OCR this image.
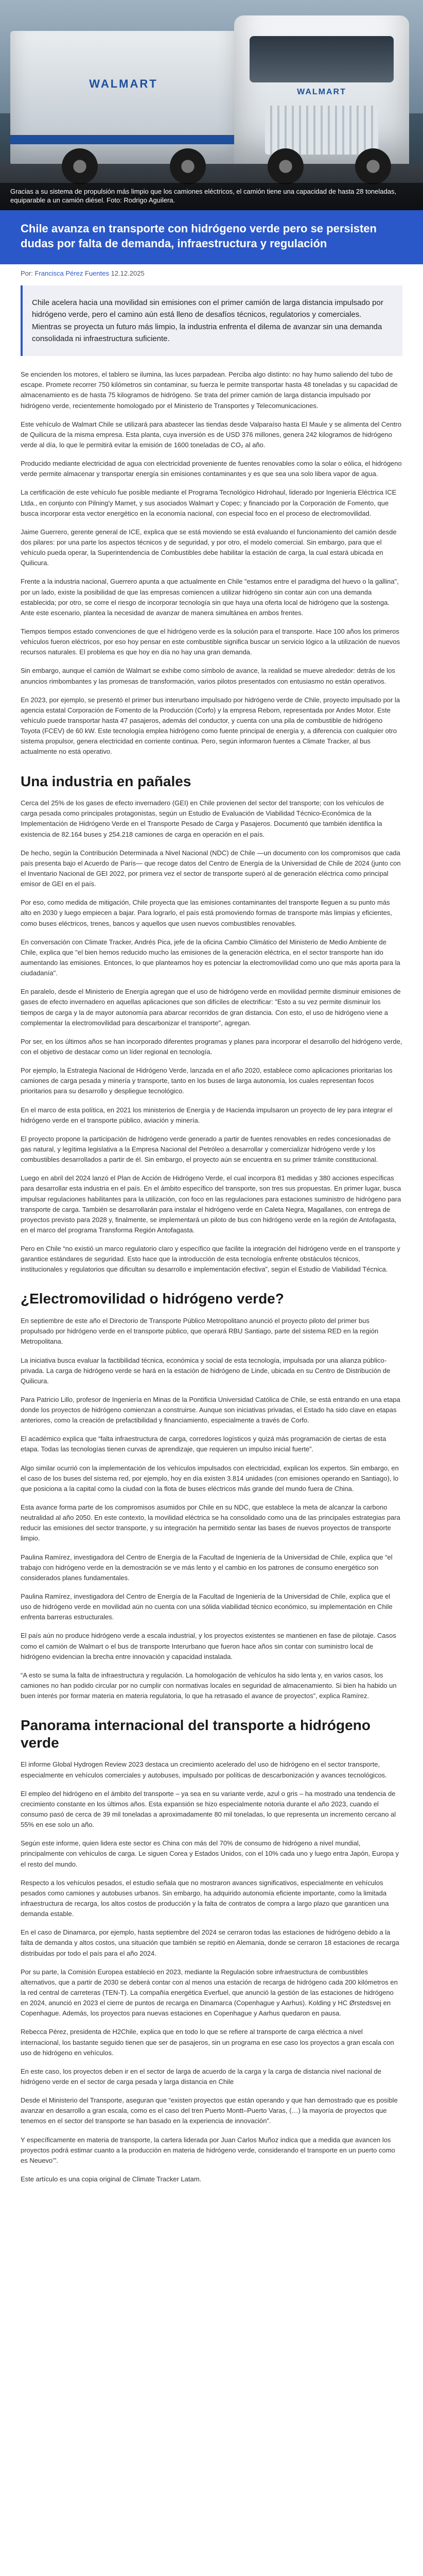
WALMART
WALMART
Gracias a su sistema de propulsión más limpio que los camiones eléctricos, el camión tiene una capacidad de hasta 28 toneladas, equiparable a un camión diésel. Foto: Rodrigo Aguilera.
Chile avanza en transporte con hidrógeno verde pero se persisten dudas por falta de demanda, infraestructura y regulación
Por: Francisca Pérez Fuentes 12.12.2025
Chile acelera hacia una movilidad sin emisiones con el primer camión de larga distancia impulsado por hidrógeno verde, pero el camino aún está lleno de desafíos técnicos, regulatorios y comerciales. Mientras se proyecta un futuro más limpio, la industria enfrenta el dilema de avanzar sin una demanda consolidada ni infraestructura suficiente.

Se encienden los motores, el tablero se ilumina, las luces parpadean. Perciba algo distinto: no hay humo saliendo del tubo de escape. Promete recorrer 750 kilómetros sin contaminar, su fuerza le permite transportar hasta 48 toneladas y su capacidad de almacenamiento es de hasta 75 kilogramos de hidrógeno. Se trata del primer camión de larga distancia impulsado por hidrógeno verde, recientemente homologado por el Ministerio de Transportes y Telecomunicaciones.

Este vehículo de Walmart Chile se utilizará para abastecer las tiendas desde Valparaíso hasta El Maule y se alimenta del Centro de Quilicura de la misma empresa. Esta planta, cuya inversión es de USD 376 millones, genera 242 kilogramos de hidrógeno verde al día, lo que le permitirá evitar la emisión de 1600 toneladas de CO₂ al año.

Producido mediante electricidad de agua con electricidad proveniente de fuentes renovables como la solar o eólica, el hidrógeno verde permite almacenar y transportar energía sin emisiones contaminantes y es que sea una solo libera vapor de agua.

La certificación de este vehículo fue posible mediante el Programa Tecnológico Hidrohaul, liderado por Ingeniería Eléctrica ICE Ltda., en conjunto con Pilning'y Marnet, y sus asociados Walmart y Copec; y financiado por la Corporación de Fomento, que busca incorporar esta vector energético en la economía nacional, con especial foco en el proceso de electromovilidad.

Jaime Guerrero, gerente general de ICE, explica que se está moviendo se está evaluando el funcionamiento del camión desde dos pilares: por una parte los aspectos técnicos y de seguridad, y por otro, el modelo comercial. Sin embargo, para que el vehículo pueda operar, la Superintendencia de Combustibles debe habilitar la estación de carga, la cual estará ubicada en Quilicura.

Frente a la industria nacional, Guerrero apunta a que actualmente en Chile "estamos entre el paradigma del huevo o la gallina", por un lado, existe la posibilidad de que las empresas comiencen a utilizar hidrógeno sin contar aún con una demanda establecida; por otro, se corre el riesgo de incorporar tecnología sin que haya una oferta local de hidrógeno que la sostenga. Ante este escenario, plantea la necesidad de avanzar de manera simultánea en ambos frentes.

Tiempos tiempos estado convenciones de que el hidrógeno verde es la solución para el transporte. Hace 100 años los primeros vehículos fueron eléctricos, por eso hoy pensar en este combustible significa buscar un servicio lógico a la utilización de nuevos recursos naturales. El problema es que hoy en día no hay una gran demanda.

Sin embargo, aunque el camión de Walmart se exhibe como símbolo de avance, la realidad se mueve alrededor: detrás de los anuncios rimbombantes y las promesas de transformación, varios pilotos presentados con entusiasmo no están operativos.

En 2023, por ejemplo, se presentó el primer bus interurbano impulsado por hidrógeno verde de Chile, proyecto impulsado por la agencia estatal Corporación de Fomento de la Producción (Corfo) y la empresa Reborn, representada por Andes Motor. Este vehículo puede transportar hasta 47 pasajeros, además del conductor, y cuenta con una pila de combustible de hidrógeno Toyota (FCEV) de 60 kW. Este tecnología emplea hidrógeno como fuente principal de energía y, a diferencia con cualquier otro sistema propulsor, genera electricidad en corriente continua. Pero, según informaron fuentes a Climate Tracker, al bus actualmente no está operativo.

Una industria en pañales

Cerca del 25% de los gases de efecto invernadero (GEI) en Chile provienen del sector del transporte; con los vehículos de carga pesada como principales protagonistas, según un Estudio de Evaluación de Viabilidad Técnico-Económica de la Implementación de Hidrógeno Verde en el Transporte Pesado de Carga y Pasajeros. Documentó que también identifica la existencia de 82.164 buses y 254.218 camiones de carga en operación en el país.

De hecho, según la Contribución Determinada a Nivel Nacional (NDC) de Chile —un documento con los compromisos que cada país presenta bajo el Acuerdo de París— que recoge datos del Centro de Energía de la Universidad de Chile de 2024 (junto con el Inventario Nacional de GEI 2022, por primera vez el sector de transporte superó al de generación eléctrica como principal emisor de GEI en el país.

Por eso, como medida de mitigación, Chile proyecta que las emisiones contaminantes del transporte lleguen a su punto más alto en 2030 y luego empiecen a bajar. Para lograrlo, el país está promoviendo formas de transporte más limpias y eficientes, como buses eléctricos, trenes, bancos y aquellos que usen nuevos combustibles renovables.

En conversación con Climate Tracker, Andrés Pica, jefe de la oficina Cambio Climático del Ministerio de Medio Ambiente de Chile, explica que "el bien hemos reducido mucho las emisiones de la generación eléctrica, en el sector transporte han ido aumentando las emisiones. Entonces, lo que planteamos hoy es potenciar la electromovilidad como uno que más aporta para la ciudadanía".

En paralelo, desde el Ministerio de Energía agregan que el uso de hidrógeno verde en movilidad permite disminuir emisiones de gases de efecto invernadero en aquellas aplicaciones que son difíciles de electrificar: "Esto a su vez permite disminuir los tiempos de carga y la de mayor autonomía para abarcar recorridos de gran distancia. Con esto, el uso de hidrógeno viene a complementar la electromovilidad para descarbonizar el transporte", agregan.

Por ser, en los últimos años se han incorporado diferentes programas y planes para incorporar el desarrollo del hidrógeno verde, con el objetivo de destacar como un líder regional en tecnología.

Por ejemplo, la Estrategia Nacional de Hidrógeno Verde, lanzada en el año 2020, establece como aplicaciones prioritarias los camiones de carga pesada y minería y transporte, tanto en los buses de larga autonomía, los cuales representan focos prioritarios para su desarrollo y despliegue tecnológico.

En el marco de esta política, en 2021 los ministerios de Energía y de Hacienda impulsaron un proyecto de ley para integrar el hidrógeno verde en el transporte público, aviación y minería.

El proyecto propone la participación de hidrógeno verde generado a partir de fuentes renovables en redes concesionadas de gas natural, y legítima legislativa a la Empresa Nacional del Petróleo a desarrollar y comercializar hidrógeno verde y los combustibles desarrollados a partir de él. Sin embargo, el proyecto aún se encuentra en su primer trámite constitucional.

Luego en abril del 2024 lanzó el Plan de Acción de Hidrógeno Verde, el cual incorpora 81 medidas y 380 acciones específicas para desarrollar esta industria en el país. En el ámbito específico del transporte, son tres sus propuestas. En primer lugar, busca impulsar regulaciones habilitantes para la utilización, con foco en las regulaciones para estaciones suministro de hidrógeno para transporte de carga. También se desarrollarán para instalar el hidrógeno verde en Caleta Negra, Magallanes, con entrega de proyectos previsto para 2028 y, finalmente, se implementará un piloto de bus con hidrógeno verde en la región de Antofagasta, en el marco del programa Transforma Región Antofagasta.

Pero en Chile “no existió un marco regulatorio claro y específico que facilite la integración del hidrógeno verde en el transporte y garantice estándares de seguridad. Esto hace que la introducción de esta tecnología enfrente obstáculos técnicos, institucionales y regulatorios que dificultan su desarrollo e implementación efectiva”, según el Estudio de Viabilidad Técnica.

¿Electromovilidad o hidrógeno verde?

En septiembre de este año el Directorio de Transporte Público Metropolitano anunció el proyecto piloto del primer bus propulsado por hidrógeno verde en el transporte público, que operará RBU Santiago, parte del sistema RED en la región Metropolitana.

La iniciativa busca evaluar la factibilidad técnica, económica y social de esta tecnología, impulsada por una alianza público-privada. La carga de hidrógeno verde se hará en la estación de hidrógeno de Linde, ubicada en su Centro de Distribución de Quilicura.

Para Patricio Lillo, profesor de Ingeniería en Minas de la Pontificia Universidad Católica de Chile, se está entrando en una etapa donde los proyectos de hidrógeno comienzan a construirse. Aunque son iniciativas privadas, el Estado ha sido clave en etapas anteriores, como la creación de prefactibilidad y financiamiento, especialmente a través de Corfo.

El académico explica que “falta infraestructura de carga, corredores logísticos y quizá más programación de ciertas de esta etapa. Todas las tecnologías tienen curvas de aprendizaje, que requieren un impulso inicial fuerte”.

Algo similar ocurrió con la implementación de los vehículos impulsados con electricidad, explican los expertos. Sin embargo, en el caso de los buses del sistema red, por ejemplo, hoy en día existen 3.814 unidades (con emisiones operando en Santiago), lo que posiciona a la capital como la ciudad con la flota de buses eléctricos más grande del mundo fuera de China.

Esta avance forma parte de los compromisos asumidos por Chile en su NDC, que establece la meta de alcanzar la carbono neutralidad al año 2050. En este contexto, la movilidad eléctrica se ha consolidado como una de las principales estrategias para reducir las emisiones del sector transporte, y su integración ha permitido sentar las bases de nuevos proyectos de transporte limpio.

Paulina Ramírez, investigadora del Centro de Energía de la Facultad de Ingeniería de la Universidad de Chile, explica que “el trabajo con hidrógeno verde en la demostración se ve más lento y el cambio en los patrones de consumo energético son considerados planes fundamentales.

Paulina Ramírez, investigadora del Centro de Energía de la Facultad de Ingeniería de la Universidad de Chile, explica que el uso de hidrógeno verde en movilidad aún no cuenta con una sólida viabilidad técnico económico, su implementación en Chile enfrenta barreras estructurales.

El país aún no produce hidrógeno verde a escala industrial, y los proyectos existentes se mantienen en fase de pilotaje. Casos como el camión de Walmart o el bus de transporte Interurbano que fueron hace años sin contar con suministro local de hidrógeno evidencian la brecha entre innovación y capacidad instalada.

“A esto se suma la falta de infraestructura y regulación. La homologación de vehículos ha sido lenta y, en varios casos, los camiones no han podido circular por no cumplir con normativas locales en seguridad de almacenamiento. Si bien ha habido un buen interés por formar materia en materia regulatoria, lo que ha retrasado el avance de proyectos”, explica Ramírez.

Panorama internacional del transporte a hidrógeno verde

El informe Global Hydrogen Review 2023 destaca un crecimiento acelerado del uso de hidrógeno en el sector transporte, especialmente en vehículos comerciales y autobuses, impulsado por políticas de descarbonización y avances tecnológicos.

El empleo del hidrógeno en el ámbito del transporte – ya sea en su variante verde, azul o gris – ha mostrado una tendencia de crecimiento constante en los últimos años. Esta expansión se hizo especialmente notoria durante el año 2023, cuando el consumo pasó de cerca de 39 mil toneladas a aproximadamente 80 mil toneladas, lo que representa un incremento cercano al 55% en ese solo un año.

Según este informe, quien lidera este sector es China con más del 70% de consumo de hidrógeno a nivel mundial, principalmente con vehículos de carga. Le siguen Corea y Estados Unidos, con el 10% cada uno y luego entra Japón, Europa y el resto del mundo.

Respecto a los vehículos pesados, el estudio señala que no mostraron avances significativos, especialmente en vehículos pesados como camiones y autobuses urbanos. Sin embargo, ha adquirido autonomía eficiente importante, como la limitada infraestructura de recarga, los altos costos de producción y la falta de contratos de compra a largo plazo que garanticen una demanda estable.

En el caso de Dinamarca, por ejemplo, hasta septiembre del 2024 se cerraron todas las estaciones de hidrógeno debido a la falta de demanda y altos costos, una situación que también se repitió en Alemania, donde se cerraron 18 estaciones de recarga distribuidas por todo el país para el año 2024.

Por su parte, la Comisión Europea estableció en 2023, mediante la Regulación sobre infraestructura de combustibles alternativos, que a partir de 2030 se deberá contar con al menos una estación de recarga de hidrógeno cada 200 kilómetros en la red central de carreteras (TEN-T). La compañía energética Everfuel, que anunció la gestión de las estaciones de hidrógeno en 2024, anunció en 2023 el cierre de puntos de recarga en Dinamarca (Copenhague y Aarhus). Kolding y HC Ørstedsvej en Copenhague. Además, los proyectos para nuevas estaciones en Copenhague y Aarhus quedaron en pausa.

Rebecca Pérez, presidenta de H2Chile, explica que en todo lo que se refiere al transporte de carga eléctrica a nivel internacional, los bastante seguido tienen que ser de pasajeros, sin un programa en ese caso los proyectos a gran escala con uso de hidrógeno en vehículos.

En este caso, los proyectos deben ir en el sector de larga de acuerdo de la carga y la carga de distancia nivel nacional de hidrógeno verde en el sector de carga pesada y larga distancia en Chile

Desde el Ministerio del Transporte, aseguran que “existen proyectos que están operando y que han demostrado que es posible avanzar en desarrollo a gran escala, como es el caso del tren Puerto Montt–Puerto Varas, (…) la mayoría de proyectos que tenemos en el sector del transporte se han basado en la experiencia de innovación”.

Y específicamente en materia de transporte, la cartera liderada por Juan Carlos Muñoz indica que a medida que avancen los proyectos podrá estimar cuanto a la producción en materia de hidrógeno verde, considerando el transporte en un puerto como es Neuevo’”.

Este artículo es una copia original de Climate Tracker Latam.
